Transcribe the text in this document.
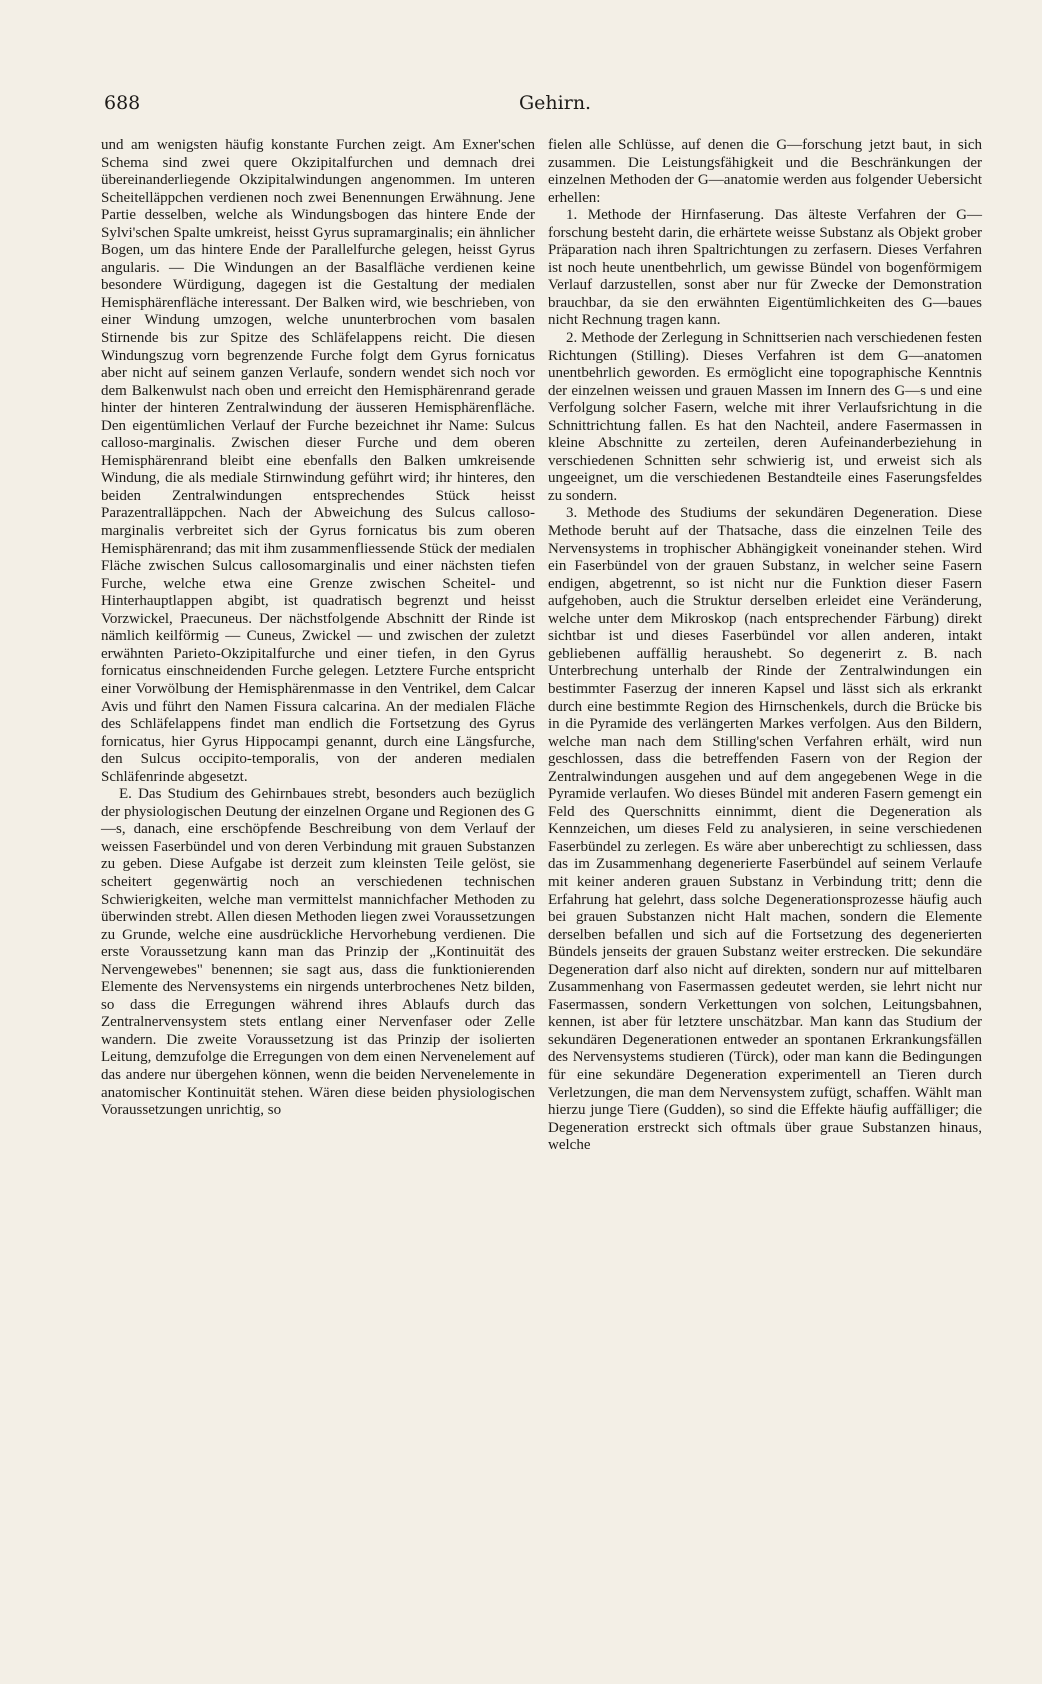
688	Gehirn.

und am wenigsten häufig konstante Furchen zeigt. Am Exner'schen Schema sind zwei quere Okzipitalfurchen und demnach drei übereinanderliegende Okzipitalwindungen angenommen. Im unteren Scheitelläppchen verdienen noch zwei Benennungen Erwähnung. Jene Partie desselben, welche als Windungsbogen das hintere Ende der Sylvi'schen Spalte umkreist, heisst Gyrus supramarginalis; ein ähnlicher Bogen, um das hintere Ende der Parallelfurche gelegen, heisst Gyrus angularis. — Die Windungen an der Basalfläche verdienen keine besondere Würdigung, dagegen ist die Gestaltung der medialen Hemisphärenfläche interessant. Der Balken wird, wie beschrieben, von einer Windung umzogen, welche ununterbrochen vom basalen Stirnende bis zur Spitze des Schläfelappens reicht. Die diesen Windungszug vorn begrenzende Furche folgt dem Gyrus fornicatus aber nicht auf seinem ganzen Verlaufe, sondern wendet sich noch vor dem Balkenwulst nach oben und erreicht den Hemisphärenrand gerade hinter der hinteren Zentralwindung der äusseren Hemisphärenfläche. Den eigentümlichen Verlauf der Furche bezeichnet ihr Name: Sulcus calloso-marginalis. Zwischen dieser Furche und dem oberen Hemisphärenrand bleibt eine ebenfalls den Balken umkreisende Windung, die als mediale Stirnwindung geführt wird; ihr hinteres, den beiden Zentralwindungen entsprechendes Stück heisst Parazentralläppchen. Nach der Abweichung des Sulcus calloso-marginalis verbreitet sich der Gyrus fornicatus bis zum oberen Hemisphärenrand; das mit ihm zusammenfliessende Stück der medialen Fläche zwischen Sulcus callosomarginalis und einer nächsten tiefen Furche, welche etwa eine Grenze zwischen Scheitel- und Hinterhauptlappen abgibt, ist quadratisch begrenzt und heisst Vorzwickel, Praecuneus. Der nächstfolgende Abschnitt der Rinde ist nämlich keilförmig — Cuneus, Zwickel — und zwischen der zuletzt erwähnten Parieto-Okzipitalfurche und einer tiefen, in den Gyrus fornicatus einschneidenden Furche gelegen. Letztere Furche entspricht einer Vorwölbung der Hemisphärenmasse in den Ventrikel, dem Calcar Avis und führt den Namen Fissura calcarina. An der medialen Fläche des Schläfelappens findet man endlich die Fortsetzung des Gyrus fornicatus, hier Gyrus Hippocampi genannt, durch eine Längsfurche, den Sulcus occipito-temporalis, von der anderen medialen Schläfenrinde abgesetzt.

E. Das Studium des Gehirnbaues strebt, besonders auch bezüglich der physiologischen Deutung der einzelnen Organe und Regionen des G—s, danach, eine erschöpfende Beschreibung von dem Verlauf der weissen Faserbündel und von deren Verbindung mit grauen Substanzen zu geben. Diese Aufgabe ist derzeit zum kleinsten Teile gelöst, sie scheitert gegenwärtig noch an verschiedenen technischen Schwierigkeiten, welche man vermittelst mannichfacher Methoden zu überwinden strebt. Allen diesen Methoden liegen zwei Voraussetzungen zu Grunde, welche eine ausdrückliche Hervorhebung verdienen. Die erste Voraussetzung kann man das Prinzip der „Kontinuität des Nervengewebes" benennen; sie sagt aus, dass die funktionierenden Elemente des Nervensystems ein nirgends unterbrochenes Netz bilden, so dass die Erregungen während ihres Ablaufs durch das Zentralnervensystem stets entlang einer Nervenfaser oder Zelle wandern. Die zweite Voraussetzung ist das Prinzip der isolierten Leitung, demzufolge die Erregungen von dem einen Nervenelement auf das andere nur übergehen können, wenn die beiden Nervenelemente in anatomischer Kontinuität stehen. Wären diese beiden physiologischen Voraussetzungen unrichtig, so

fielen alle Schlüsse, auf denen die G—forschung jetzt baut, in sich zusammen. Die Leistungsfähigkeit und die Beschränkungen der einzelnen Methoden der G—anatomie werden aus folgender Uebersicht erhellen:

1. Methode der Hirnfaserung. Das älteste Verfahren der G—forschung besteht darin, die erhärtete weisse Substanz als Objekt grober Präparation nach ihren Spaltrichtungen zu zerfasern. Dieses Verfahren ist noch heute unentbehrlich, um gewisse Bündel von bogenförmigem Verlauf darzustellen, sonst aber nur für Zwecke der Demonstration brauchbar, da sie den erwähnten Eigentümlichkeiten des G—baues nicht Rechnung tragen kann.

2. Methode der Zerlegung in Schnittserien nach verschiedenen festen Richtungen (Stilling). Dieses Verfahren ist dem G—anatomen unentbehrlich geworden. Es ermöglicht eine topographische Kenntnis der einzelnen weissen und grauen Massen im Innern des G—s und eine Verfolgung solcher Fasern, welche mit ihrer Verlaufsrichtung in die Schnittrichtung fallen. Es hat den Nachteil, andere Fasermassen in kleine Abschnitte zu zerteilen, deren Aufeinanderbeziehung in verschiedenen Schnitten sehr schwierig ist, und erweist sich als ungeeignet, um die verschiedenen Bestandteile eines Faserungsfeldes zu sondern.

3. Methode des Studiums der sekundären Degeneration. Diese Methode beruht auf der Thatsache, dass die einzelnen Teile des Nervensystems in trophischer Abhängigkeit voneinander stehen. Wird ein Faserbündel von der grauen Substanz, in welcher seine Fasern endigen, abgetrennt, so ist nicht nur die Funktion dieser Fasern aufgehoben, auch die Struktur derselben erleidet eine Veränderung, welche unter dem Mikroskop (nach entsprechender Färbung) direkt sichtbar ist und dieses Faserbündel vor allen anderen, intakt gebliebenen auffällig heraushebt. So degenerirt z. B. nach Unterbrechung unterhalb der Rinde der Zentralwindungen ein bestimmter Faserzug der inneren Kapsel und lässt sich als erkrankt durch eine bestimmte Region des Hirnschenkels, durch die Brücke bis in die Pyramide des verlängerten Markes verfolgen. Aus den Bildern, welche man nach dem Stilling'schen Verfahren erhält, wird nun geschlossen, dass die betreffenden Fasern von der Region der Zentralwindungen ausgehen und auf dem angegebenen Wege in die Pyramide verlaufen. Wo dieses Bündel mit anderen Fasern gemengt ein Feld des Querschnitts einnimmt, dient die Degeneration als Kennzeichen, um dieses Feld zu analysieren, in seine verschiedenen Faserbündel zu zerlegen. Es wäre aber unberechtigt zu schliessen, dass das im Zusammenhang degenerierte Faserbündel auf seinem Verlaufe mit keiner anderen grauen Substanz in Verbindung tritt; denn die Erfahrung hat gelehrt, dass solche Degenerationsprozesse häufig auch bei grauen Substanzen nicht Halt machen, sondern die Elemente derselben befallen und sich auf die Fortsetzung des degenerierten Bündels jenseits der grauen Substanz weiter erstrecken. Die sekundäre Degeneration darf also nicht auf direkten, sondern nur auf mittelbaren Zusammenhang von Fasermassen gedeutet werden, sie lehrt nicht nur Fasermassen, sondern Verkettungen von solchen, Leitungsbahnen, kennen, ist aber für letztere unschätzbar. Man kann das Studium der sekundären Degenerationen entweder an spontanen Erkrankungsfällen des Nervensystems studieren (Türck), oder man kann die Bedingungen für eine sekundäre Degeneration experimentell an Tieren durch Verletzungen, die man dem Nervensystem zufügt, schaffen. Wählt man hierzu junge Tiere (Gudden), so sind die Effekte häufig auffälliger; die Degeneration erstreckt sich oftmals über graue Substanzen hinaus, welche
